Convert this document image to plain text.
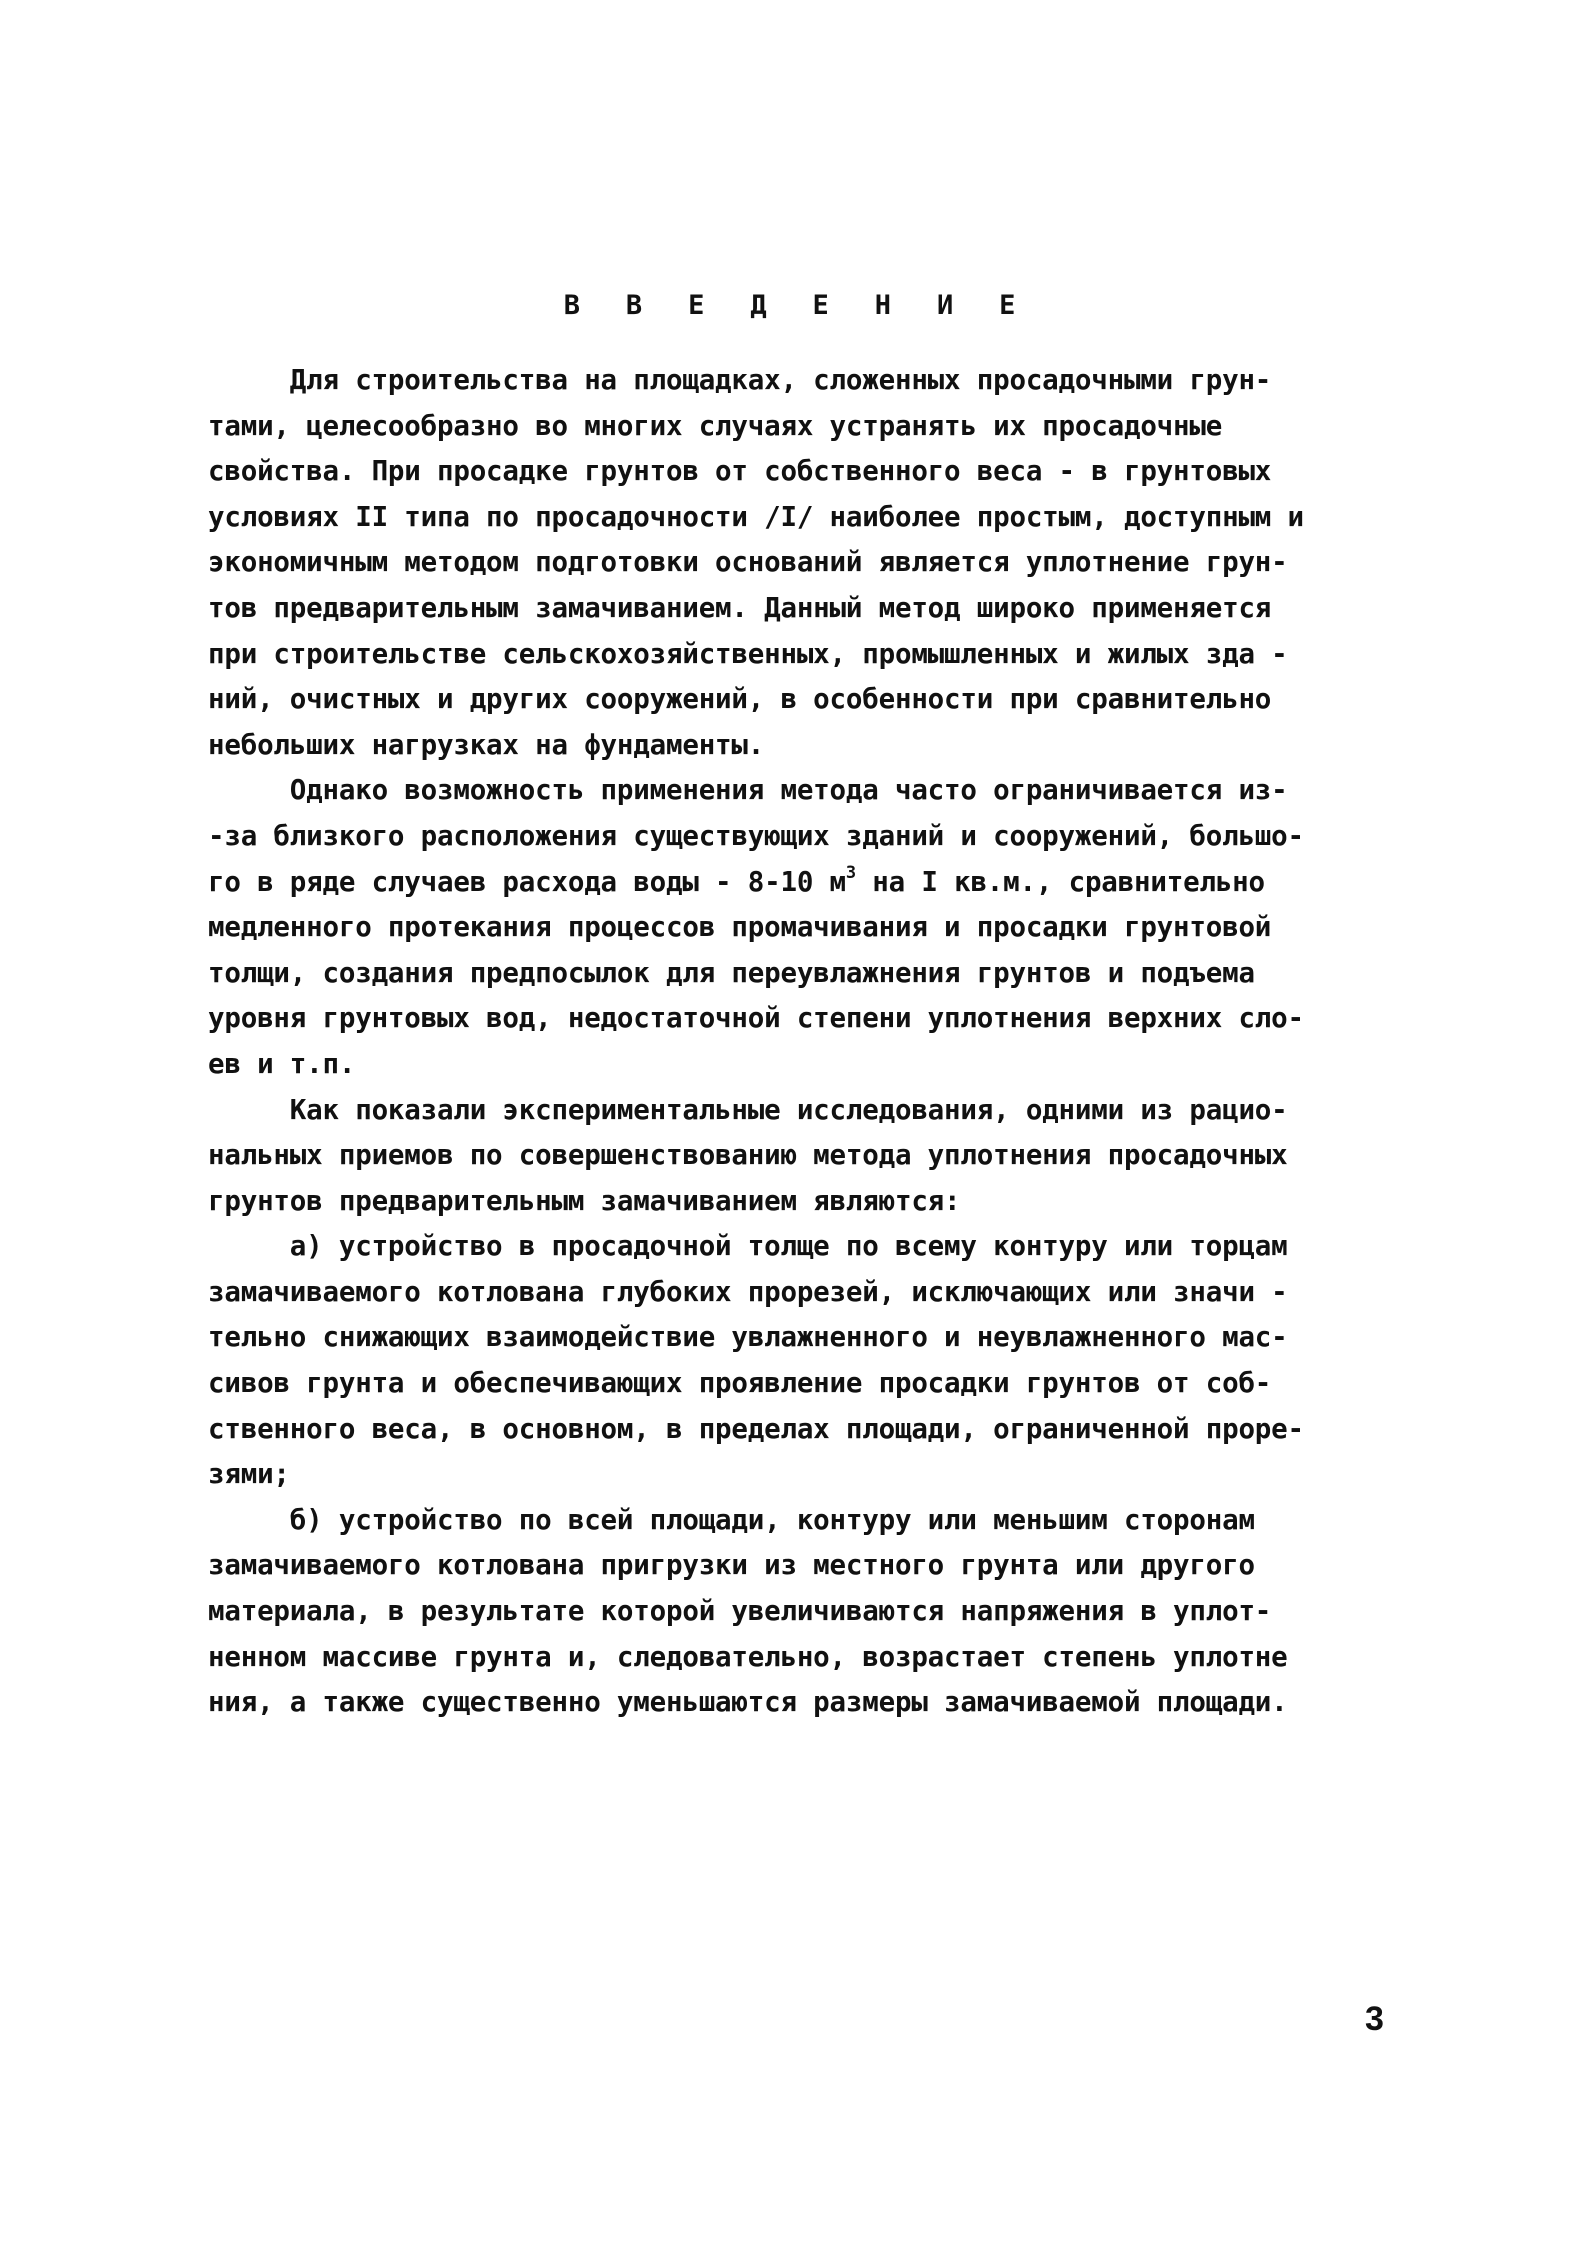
В В Е Д Е Н И Е
Для строительства на площадках, сложенных просадочными грун-
тами, целесообразно во многих случаях устранять их просадочные
свойства. При просадке грунтов от собственного веса - в грунтовых
условиях II типа по просадочности /I/ наиболее простым, доступным и
экономичным методом подготовки оснований является уплотнение грун-
тов предварительным замачиванием. Данный метод широко применяется
при строительстве сельскохозяйственных, промышленных и жилых зда -
ний, очистных и других сооружений, в особенности при сравнительно
небольших нагрузках на фундаменты.
Однако возможность применения метода часто ограничивается из-
-за близкого расположения существующих зданий и сооружений, большо-
го в ряде случаев расхода воды - 8-10 $м^3$ на I кв.м., сравнительно
медленного протекания процессов промачивания и просадки грунтовой
толщи, создания предпосылок для переувлажнения грунтов и подъема
уровня грунтовых вод, недостаточной степени уплотнения верхних сло-
ев и т.п.
Как показали экспериментальные исследования, одними из рацио-
нальных приемов по совершенствованию метода уплотнения просадочных
грунтов предварительным замачиванием являются:
а) устройство в просадочной толще по всему контуру или торцам
замачиваемого котлована глубоких прорезей, исключающих или значи -
тельно снижающих взаимодействие увлажненного и неувлажненного мас-
сивов грунта и обеспечивающих проявление просадки грунтов от соб-
ственного веса, в основном, в пределах площади, ограниченной проре-
зями;
б) устройство по всей площади, контуру или меньшим сторонам
замачиваемого котлована пригрузки из местного грунта или другого
материала, в результате которой увеличиваются напряжения в уплот-
ненном массиве грунта и, следовательно, возрастает степень уплотне
ния, а также существенно уменьшаются размеры замачиваемой площади.
3
